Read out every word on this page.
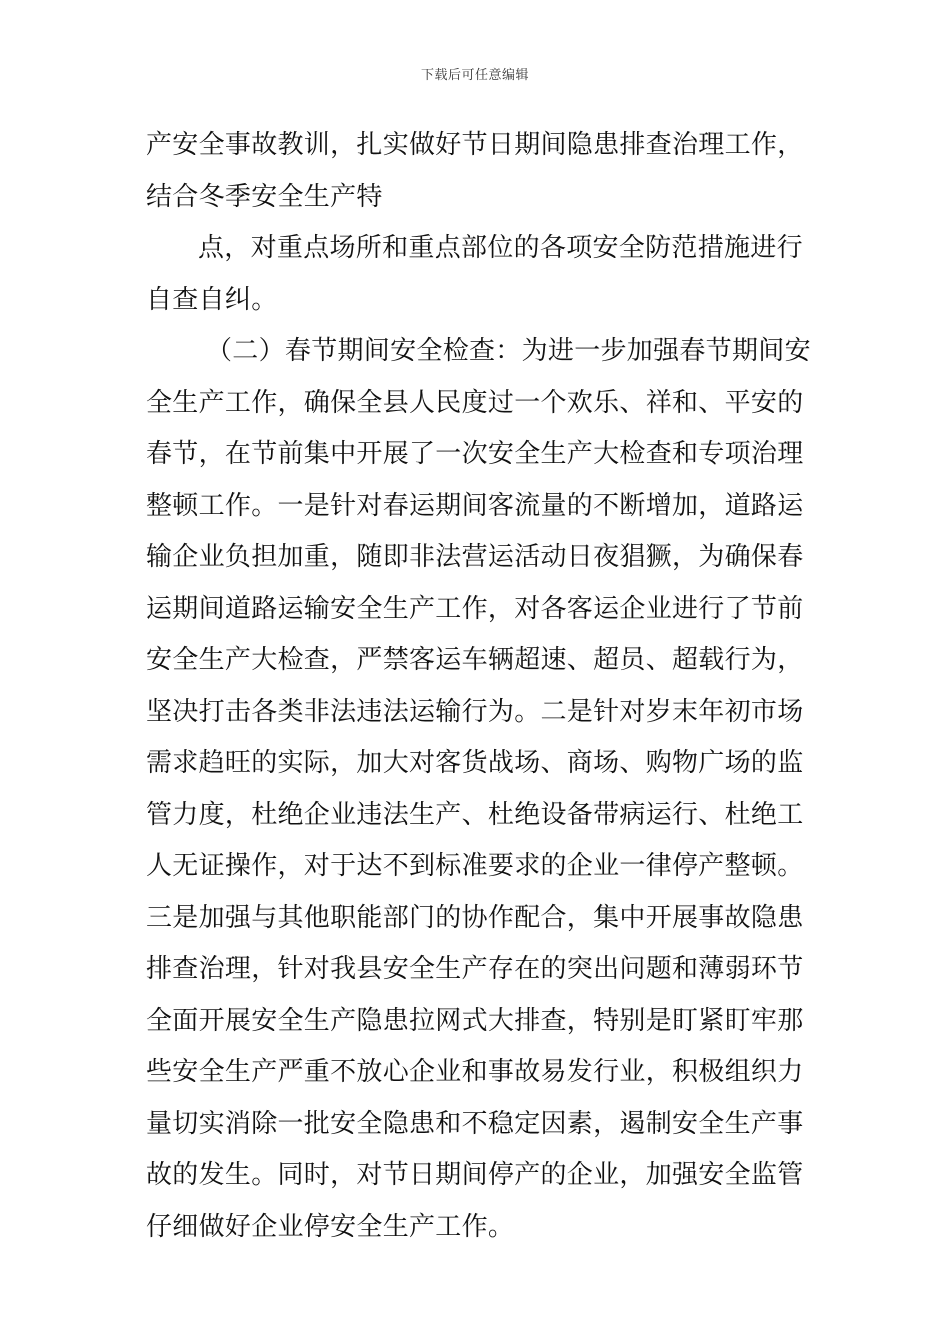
下载后可任意编辑
产安全事故教训，扎实做好节日期间隐患排查治理工作，
结合冬季安全生产特
点，对重点场所和重点部位的各项安全防范措施进行
自查自纠。
（二）春节期间安全检查：为进一步加强春节期间安
全生产工作，确保全县人民度过一个欢乐、祥和、平安的
春节，在节前集中开展了一次安全生产大检查和专项治理
整顿工作。一是针对春运期间客流量的不断增加，道路运
输企业负担加重，随即非法营运活动日夜猖獗，为确保春
运期间道路运输安全生产工作，对各客运企业进行了节前
安全生产大检查，严禁客运车辆超速、超员、超载行为，
坚决打击各类非法违法运输行为。二是针对岁末年初市场
需求趋旺的实际，加大对客货战场、商场、购物广场的监
管力度，杜绝企业违法生产、杜绝设备带病运行、杜绝工
人无证操作，对于达不到标准要求的企业一律停产整顿。
三是加强与其他职能部门的协作配合，集中开展事故隐患
排查治理，针对我县安全生产存在的突出问题和薄弱环节
全面开展安全生产隐患拉网式大排查，特别是盯紧盯牢那
些安全生产严重不放心企业和事故易发行业，积极组织力
量切实消除一批安全隐患和不稳定因素，遏制安全生产事
故的发生。同时，对节日期间停产的企业，加强安全监管
仔细做好企业停安全生产工作。
